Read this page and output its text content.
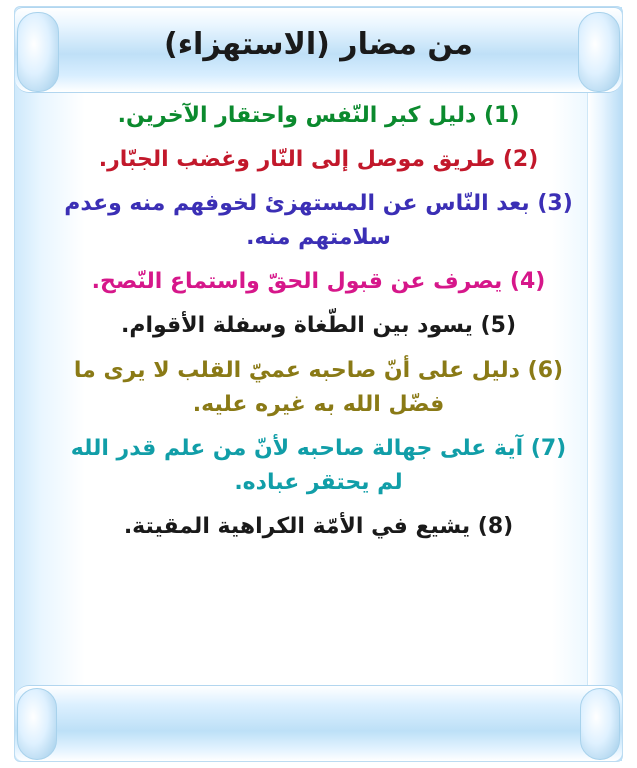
من مضار (الاستهزاء)

(1) دليل كبر النّفس واحتقار الآخرين.

(2) طريق موصل إلى النّار وغضب الجبّار.

(3) بعد النّاس عن المستهزئ لخوفهم منه وعدم سلامتهم منه.

(4) يصرف عن قبول الحقّ واستماع النّصح.

(5) يسود بين الطّغاة وسفلة الأقوام.

(6) دليل على أنّ صاحبه عميّ القلب لا يرى ما فضّل الله به غيره عليه.

(7) آية على جهالة صاحبه لأنّ من علم قدر الله لم يحتقر عباده.

(8) يشيع في الأمّة الكراهية المقيتة.
